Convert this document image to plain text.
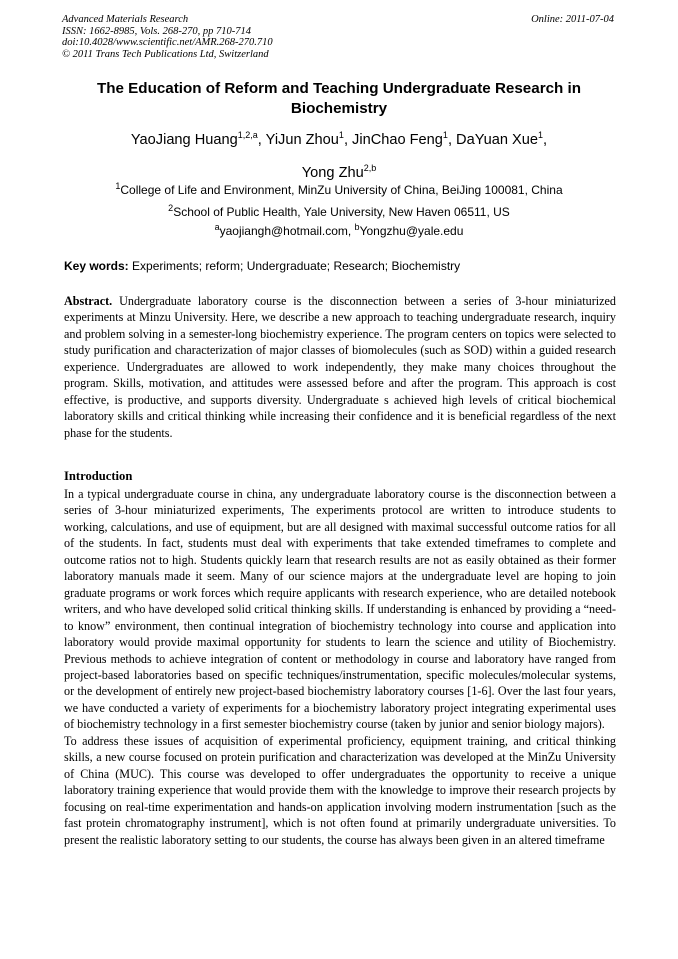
Advanced Materials Research
ISSN: 1662-8985, Vols. 268-270, pp 710-714
doi:10.4028/www.scientific.net/AMR.268-270.710
© 2011 Trans Tech Publications Ltd, Switzerland
Online: 2011-07-04
The Education of Reform and Teaching Undergraduate Research in Biochemistry
YaoJiang Huang$^{1,2,a}$, YiJun Zhou$^1$, JinChao Feng$^1$, DaYuan Xue$^1$,
Yong Zhu$^{2,b}$
$^1$College of Life and Environment, MinZu University of China, BeiJing 100081, China
$^2$School of Public Health, Yale University, New Haven 06511, US
$^a$yaojiangh@hotmail.com, $^b$Yongzhu@yale.edu
Key words: Experiments; reform; Undergraduate; Research; Biochemistry

Abstract. Undergraduate laboratory course is the disconnection between a series of 3-hour miniaturized experiments at Minzu University. Here, we describe a new approach to teaching undergraduate research, inquiry and problem solving in a semester-long biochemistry experience. The program centers on topics were selected to study purification and characterization of major classes of biomolecules (such as SOD) within a guided research experience. Undergraduates are allowed to work independently, they make many choices throughout the program. Skills, motivation, and attitudes were assessed before and after the program. This approach is cost effective, is productive, and supports diversity. Undergraduate s achieved high levels of critical biochemical laboratory skills and critical thinking while increasing their confidence and it is beneficial regardless of the next phase for the students.

Introduction

In a typical undergraduate course in china, any undergraduate laboratory course is the disconnection between a series of 3-hour miniaturized experiments, The experiments protocol are written to introduce students to working, calculations, and use of equipment, but are all designed with maximal successful outcome ratios for all of the students. In fact, students must deal with experiments that take extended timeframes to complete and outcome ratios not to high. Students quickly learn that research results are not as easily obtained as their former laboratory manuals made it seem. Many of our science majors at the undergraduate level are hoping to join graduate programs or work forces which require applicants with research experience, who are detailed notebook writers, and who have developed solid critical thinking skills. If understanding is enhanced by providing a “need-to know” environment, then continual integration of biochemistry technology into course and application into laboratory would provide maximal opportunity for students to learn the science and utility of Biochemistry. Previous methods to achieve integration of content or methodology in course and laboratory have ranged from project-based laboratories based on specific techniques/instrumentation, specific molecules/molecular systems, or the development of entirely new project-based biochemistry laboratory courses [1-6]. Over the last four years, we have conducted a variety of experiments for a biochemistry laboratory project integrating experimental uses of biochemistry technology in a first semester biochemistry course (taken by junior and senior biology majors).

To address these issues of acquisition of experimental proficiency, equipment training, and critical thinking skills, a new course focused on protein purification and characterization was developed at the MinZu University of China (MUC). This course was developed to offer undergraduates the opportunity to receive a unique laboratory training experience that would provide them with the knowledge to improve their research projects by focusing on real-time experimentation and hands-on application involving modern instrumentation [such as the fast protein chromatography instrument], which is not often found at primarily undergraduate universities. To present the realistic laboratory setting to our students, the course has always been given in an altered timeframe
